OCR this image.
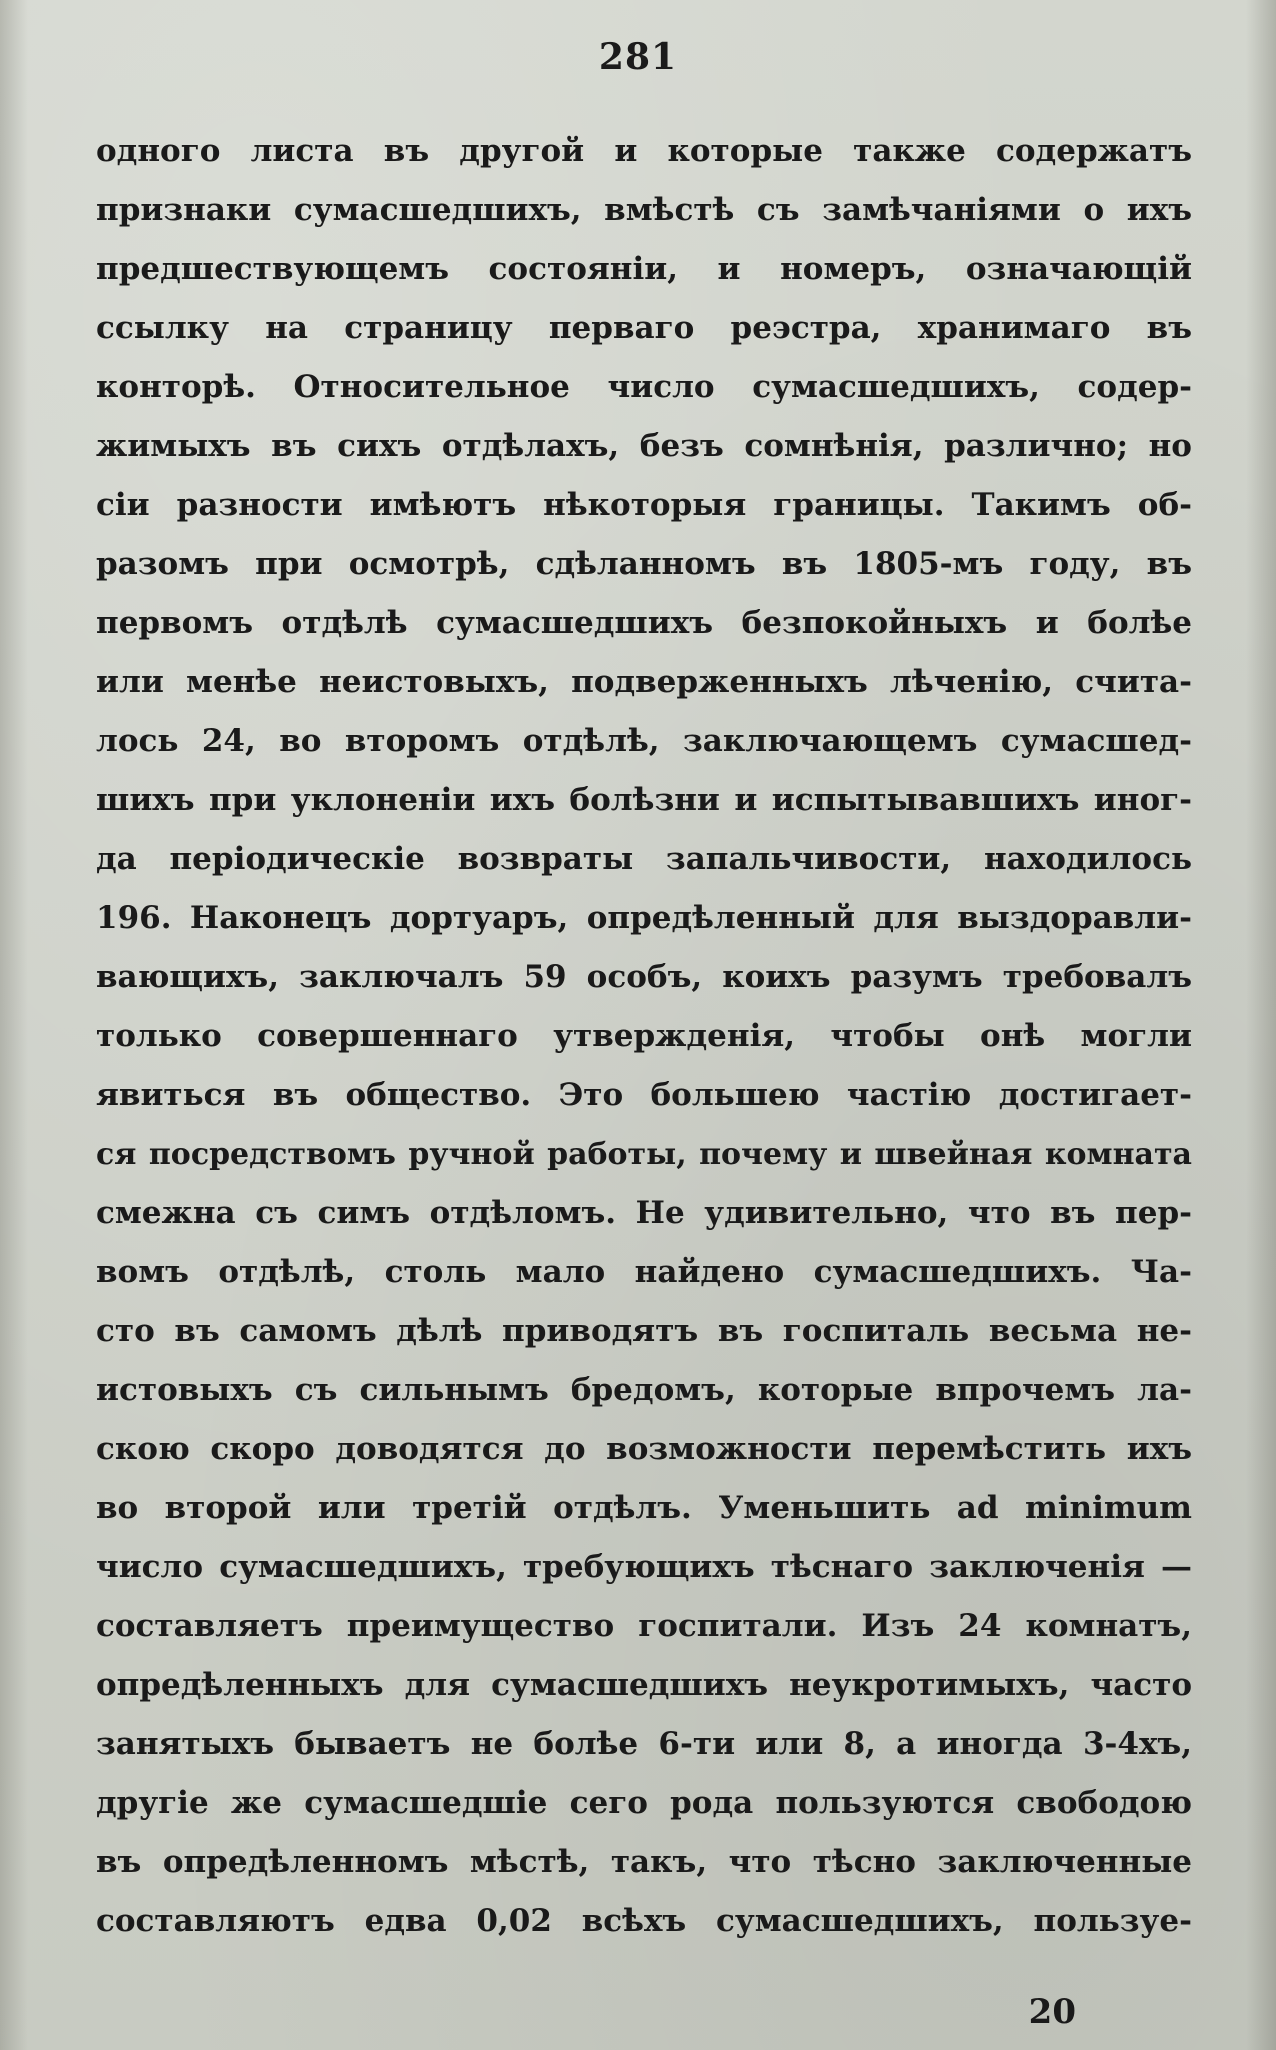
281
одного листа въ другой и которые также содержатъ
признаки сумасшедшихъ, вмѣстѣ съ замѣчаніями о ихъ
предшествующемъ состояніи, и номеръ, означающій
ссылку на страницу перваго реэстра, хранимаго въ
конторѣ. Относительное число сумасшедшихъ, содер-
жимыхъ въ сихъ отдѣлахъ, безъ сомнѣнія, различно; но
сіи разности имѣютъ нѣкоторыя границы. Такимъ об-
разомъ при осмотрѣ, сдѣланномъ въ 1805-мъ году, въ
первомъ отдѣлѣ сумасшедшихъ безпокойныхъ и болѣе
или менѣе неистовыхъ, подверженныхъ лѣченію, счита-
лось 24, во второмъ отдѣлѣ, заключающемъ сумасшед-
шихъ при уклоненіи ихъ болѣзни и испытывавшихъ иног-
да періодическіе возвраты запальчивости, находилось
196. Наконецъ дортуаръ, опредѣленный для выздоравли-
вающихъ, заключалъ 59 особъ, коихъ разумъ требовалъ
только совершеннаго утвержденія, чтобы онѣ могли
явиться въ общество. Это большею частію достигает-
ся посредствомъ ручной работы, почему и швейная комната
смежна съ симъ отдѣломъ. Не удивительно, что въ пер-
вомъ отдѣлѣ, столь мало найдено сумасшедшихъ. Ча-
сто въ самомъ дѣлѣ приводятъ въ госпиталь весьма не-
истовыхъ съ сильнымъ бредомъ, которые впрочемъ ла-
скою скоро доводятся до возможности перемѣстить ихъ
во второй или третій отдѣлъ. Уменьшить ad minimum
число сумасшедшихъ, требующихъ тѣснаго заключенія —
составляетъ преимущество госпитали. Изъ 24 комнатъ,
опредѣленныхъ для сумасшедшихъ неукротимыхъ, часто
занятыхъ бываетъ не болѣе 6-ти или 8, а иногда 3-4хъ,
другіе же сумасшедшіе сего рода пользуются свободою
въ опредѣленномъ мѣстѣ, такъ, что тѣсно заключенные
составляютъ едва 0,02 всѣхъ сумасшедшихъ, пользуе-
20
